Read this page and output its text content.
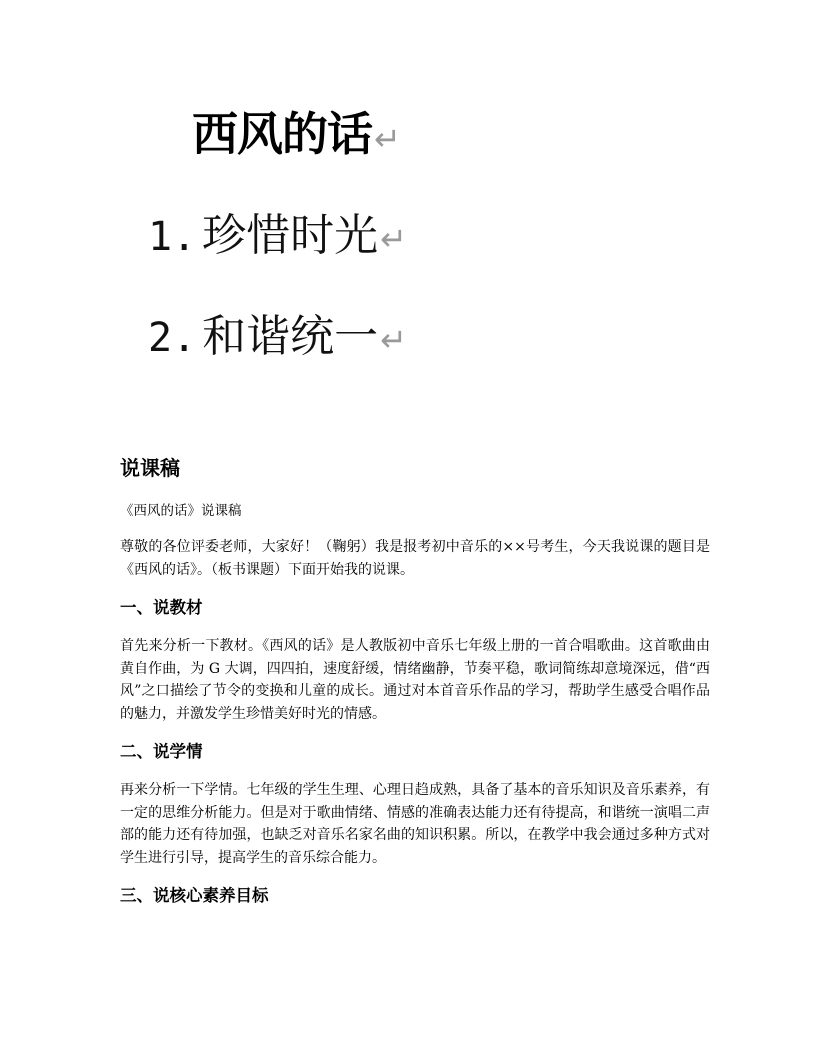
西风的话↵
1. 珍惜时光↵
2. 和谐统一↵
说课稿
《西风的话》说课稿
尊敬的各位评委老师，大家好！（鞠躬）我是报考初中音乐的××号考生，今天我说课的题目是《西风的话》。（板书课题）下面开始我的说课。
一、说教材
首先来分析一下教材。《西风的话》是人教版初中音乐七年级上册的一首合唱歌曲。这首歌曲由黄自作曲，为 G 大调，四四拍，速度舒缓，情绪幽静，节奏平稳，歌词简练却意境深远，借“西风”之口描绘了节令的变换和儿童的成长。通过对本首音乐作品的学习，帮助学生感受合唱作品的魅力，并激发学生珍惜美好时光的情感。
二、说学情
再来分析一下学情。七年级的学生生理、心理日趋成熟，具备了基本的音乐知识及音乐素养，有一定的思维分析能力。但是对于歌曲情绪、情感的准确表达能力还有待提高，和谐统一演唱二声部的能力还有待加强，也缺乏对音乐名家名曲的知识积累。所以，在教学中我会通过多种方式对学生进行引导，提高学生的音乐综合能力。
三、说核心素养目标
